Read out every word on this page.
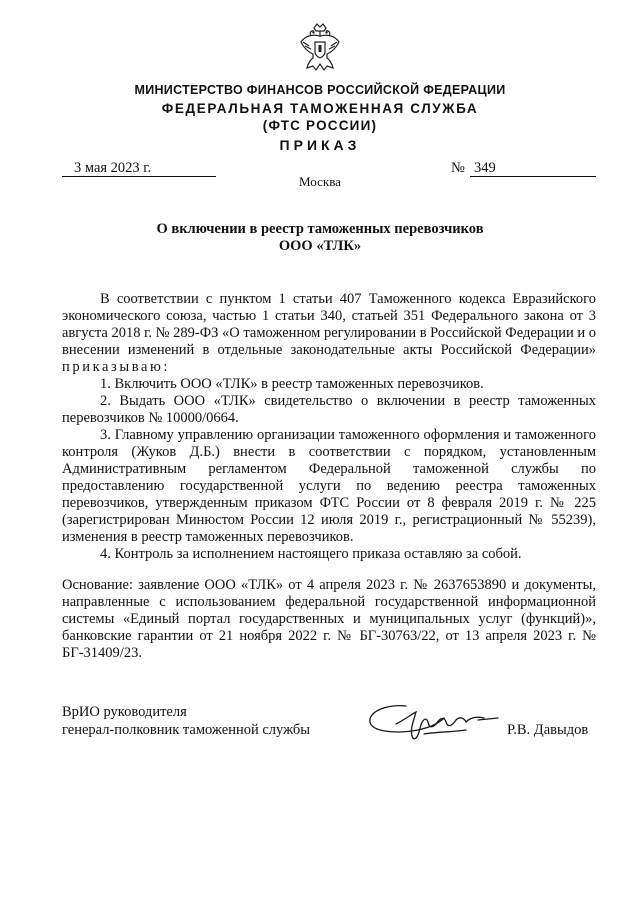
МИНИСТЕРСТВО ФИНАНСОВ РОССИЙСКОЙ ФЕДЕРАЦИИ
ФЕДЕРАЛЬНАЯ ТАМОЖЕННАЯ СЛУЖБА
(ФТС РОССИИ)
ПРИКАЗ
3 мая 2023 г.	№ 349
Москва
О включении в реестр таможенных перевозчиков
ООО «ТЛК»

В соответствии с пунктом 1 статьи 407 Таможенного кодекса Евразийского экономического союза, частью 1 статьи 340, статьей 351 Федерального закона от 3 августа 2018 г. № 289-ФЗ «О таможенном регулировании в Российской Федерации и о внесении изменений в отдельные законодательные акты Российской Федерации» приказываю:

1. Включить ООО «ТЛК» в реестр таможенных перевозчиков.

2. Выдать ООО «ТЛК» свидетельство о включении в реестр таможенных перевозчиков № 10000/0664.

3. Главному управлению организации таможенного оформления и таможенного контроля (Жуков Д.Б.) внести в соответствии с порядком, установленным Административным регламентом Федеральной таможенной службы по предоставлению государственной услуги по ведению реестра таможенных перевозчиков, утвержденным приказом ФТС России от 8 февраля 2019 г. № 225 (зарегистрирован Минюстом России 12 июля 2019 г., регистрационный № 55239), изменения в реестр таможенных перевозчиков.

4. Контроль за исполнением настоящего приказа оставляю за собой.

Основание: заявление ООО «ТЛК» от 4 апреля 2023 г. № 2637653890 и документы, направленные с использованием федеральной государственной информационной системы «Единый портал государственных и муниципальных услуг (функций)», банковские гарантии от 21 ноября 2022 г. № БГ-30763/22, от 13 апреля 2023 г. № БГ-31409/23.

ВрИО руководителя
генерал-полковник таможенной службы	Р.В. Давыдов
